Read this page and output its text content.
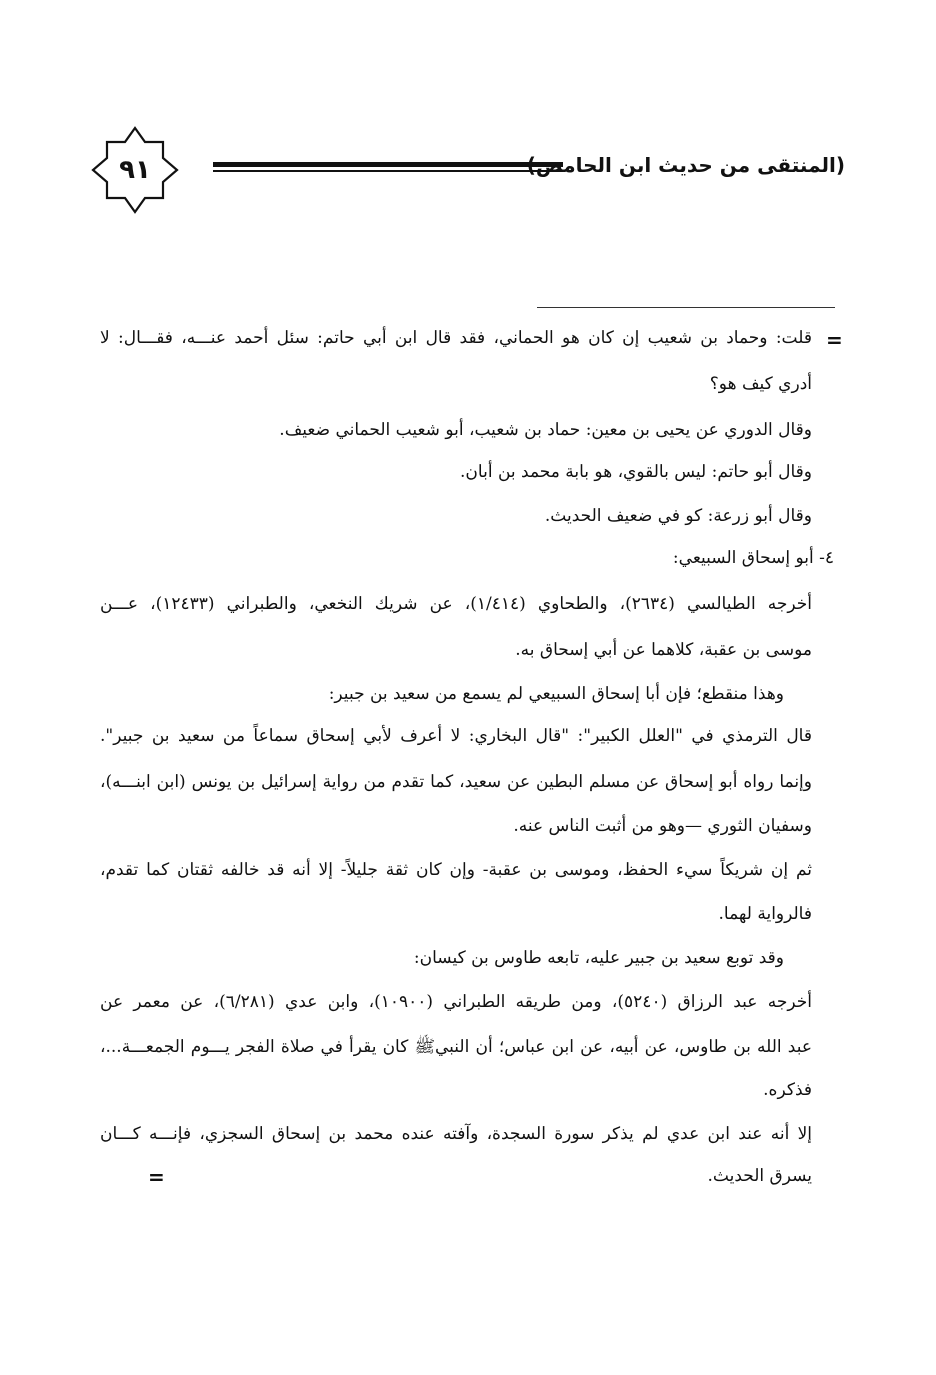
٩١	(المنتقى من حديث ابن الحامض)
=
قلت: وحماد بن شعيب إن كان هو الحماني، فقد قال ابن أبي حاتم: سئل أحمد عنـــه، فقـــال: لا
أدري كيف هو؟
وقال الدوري عن يحيى بن معين: حماد بن شعيب، أبو شعيب الحماني ضعيف.
وقال أبو حاتم: ليس بالقوي، هو بابة محمد بن أبان.
وقال أبو زرعة: كو في ضعيف الحديث.
٤- أبو إسحاق السبيعي:
أخرجه الطيالسي (٢٦٣٤)، والطحاوي (١/٤١٤)، عن شريك النخعي، والطبراني (١٢٤٣٣)، عـــن
موسى بن عقبة، كلاهما عن أبي إسحاق به.
وهذا منقطع؛ فإن أبا إسحاق السبيعي لم يسمع من سعيد بن جبير:
قال الترمذي في "العلل الكبير": "قال البخاري: لا أعرف لأبي إسحاق سماعاً من سعيد بن جبير".
وإنما رواه أبو إسحاق عن مسلم البطين عن سعيد، كما تقدم من رواية إسرائيل بن يونس (ابن ابنـــه)،
وسفيان الثوري —وهو من أثبت الناس عنه.
ثم إن شريكاً سيء الحفظ، وموسى بن عقبة- وإن كان ثقة جليلاً- إلا أنه قد خالفه ثقتان كما تقدم،
فالرواية لهما.
وقد توبع سعيد بن جبير عليه، تابعه طاوس بن كيسان:
أخرجه عبد الرزاق (٥٢٤٠)، ومن طريقه الطبراني (١٠٩٠٠)، وابن عدي (٦/٢٨١)، عن معمر عن
عبد الله بن طاوس، عن أبيه، عن ابن عباس؛ أن النبيﷺ كان يقرأ في صلاة الفجر يـــوم الجمعـــة...،
فذكره.
إلا أنه عند ابن عدي لم يذكر سورة السجدة، وآفته عنده محمد بن إسحاق السجزي، فإنـــه كـــان
يسرق الحديث.
=
